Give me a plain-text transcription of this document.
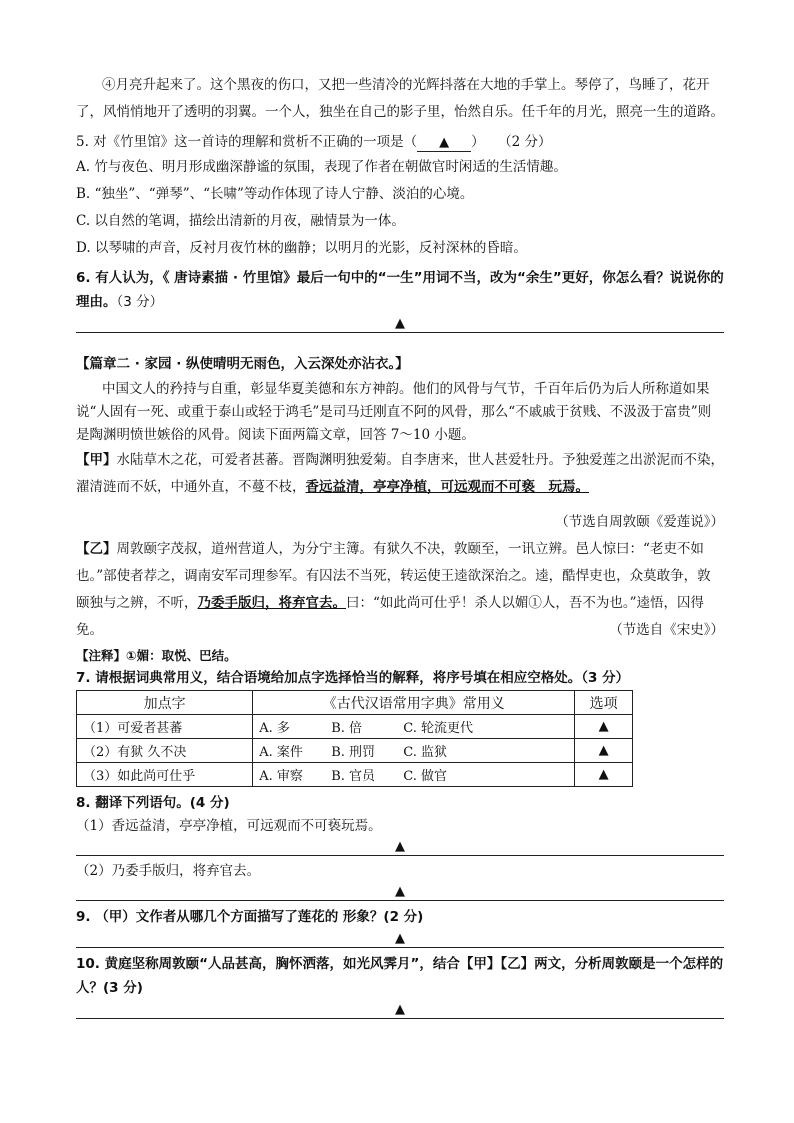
④月亮升起来了。这个黑夜的伤口，又把一些清冷的光辉抖落在大地的手掌上。琴停了，鸟睡了，花开了，风悄悄地开了透明的羽翼。一个人，独坐在自己的影子里，怡然自乐。任千年的月光，照亮一生的道路。

5. 对《竹里馆》这一首诗的理解和赏析不正确的一项是（ ▲ ）　　 （2 分）

A. 竹与夜色、明月形成幽深静谧的氛围，表现了作者在朝做官时闲适的生活情趣。

B. “独坐”、“弹琴”、“长啸”等动作体现了诗人宁静、淡泊的心境。

C. 以自然的笔调，描绘出清新的月夜，融情景为一体。

D. 以琴啸的声音，反衬月夜竹林的幽静；以明月的光影，反衬深林的昏暗。

6. 有人认为，《 唐诗素描 · 竹里馆》最后一句中的“一生”用词不当，改为“余生”更好，你怎么看？说说你的理由。（3 分）

▲

【篇章二 · 家园 · 纵使晴明无雨色，入云深处亦沾衣。】

中国文人的矜持与自重，彰显华夏美德和东方神韵。他们的风骨与气节，千百年后仍为后人所称道如果说“人固有一死、或重于泰山或轻于鸿毛”是司马迁刚直不阿的风骨，那么“不戚戚于贫贱、不汲汲于富贵”则是陶渊明愤世嫉俗的风骨。阅读下面两篇文章，回答 7～10 小题。

【甲】水陆草木之花，可爱者甚蕃。晋陶渊明独爱菊。自李唐来，世人甚爱牡丹。予独爱莲之出淤泥而不染，濯清涟而不妖，中通外直，不蔓不枝，香远益清，亭亭净植，可远观而不可亵　玩焉。

（节选自周敦颐《爱莲说》）

【乙】周敦颐字茂叔，道州营道人，为分宁主簿。有狱久不决，敦颐至，一讯立辨。邑人惊曰：“老吏不如也。”部使者荐之，调南安军司理参军。有囚法不当死，转运使王逵欲深治之。逵，酷悍吏也，众莫敢争，敦颐独与之辨，不听，乃委手版归，将弃官去。曰：“如此尚可仕乎！杀人以媚①人，吾不为也。”逵悟，囚得免。	（节选自《宋史》）

【注释】①媚：取悦、巴结。

7. 请根据词典常用义，结合语境给加点字选择恰当的解释，将序号填在相应空格处。（3 分）

加点字	《古代汉语常用字典》常用义	选项
（1）可爱者甚蕃	A. 多 B. 倍 C. 轮流更代	▲
（2）有狱 久不决	A. 案件 B. 刑罚 C. 监狱	▲
（3）如此尚可仕乎	A. 审察 B. 官员 C. 做官	▲

8. 翻译下列语句。(4 分)

（1）香远益清，亭亭净植，可远观而不可亵玩焉。

▲

（2）乃委手版归，将弃官去。

▲

9. （甲）文作者从哪几个方面描写了莲花的 形象？(2 分)

▲

10. 黄庭坚称周敦颐“人品甚高，胸怀洒落，如光风霁月”，结合【甲】【乙】两文，分析周敦颐是一个怎样的人？(3 分)

▲
